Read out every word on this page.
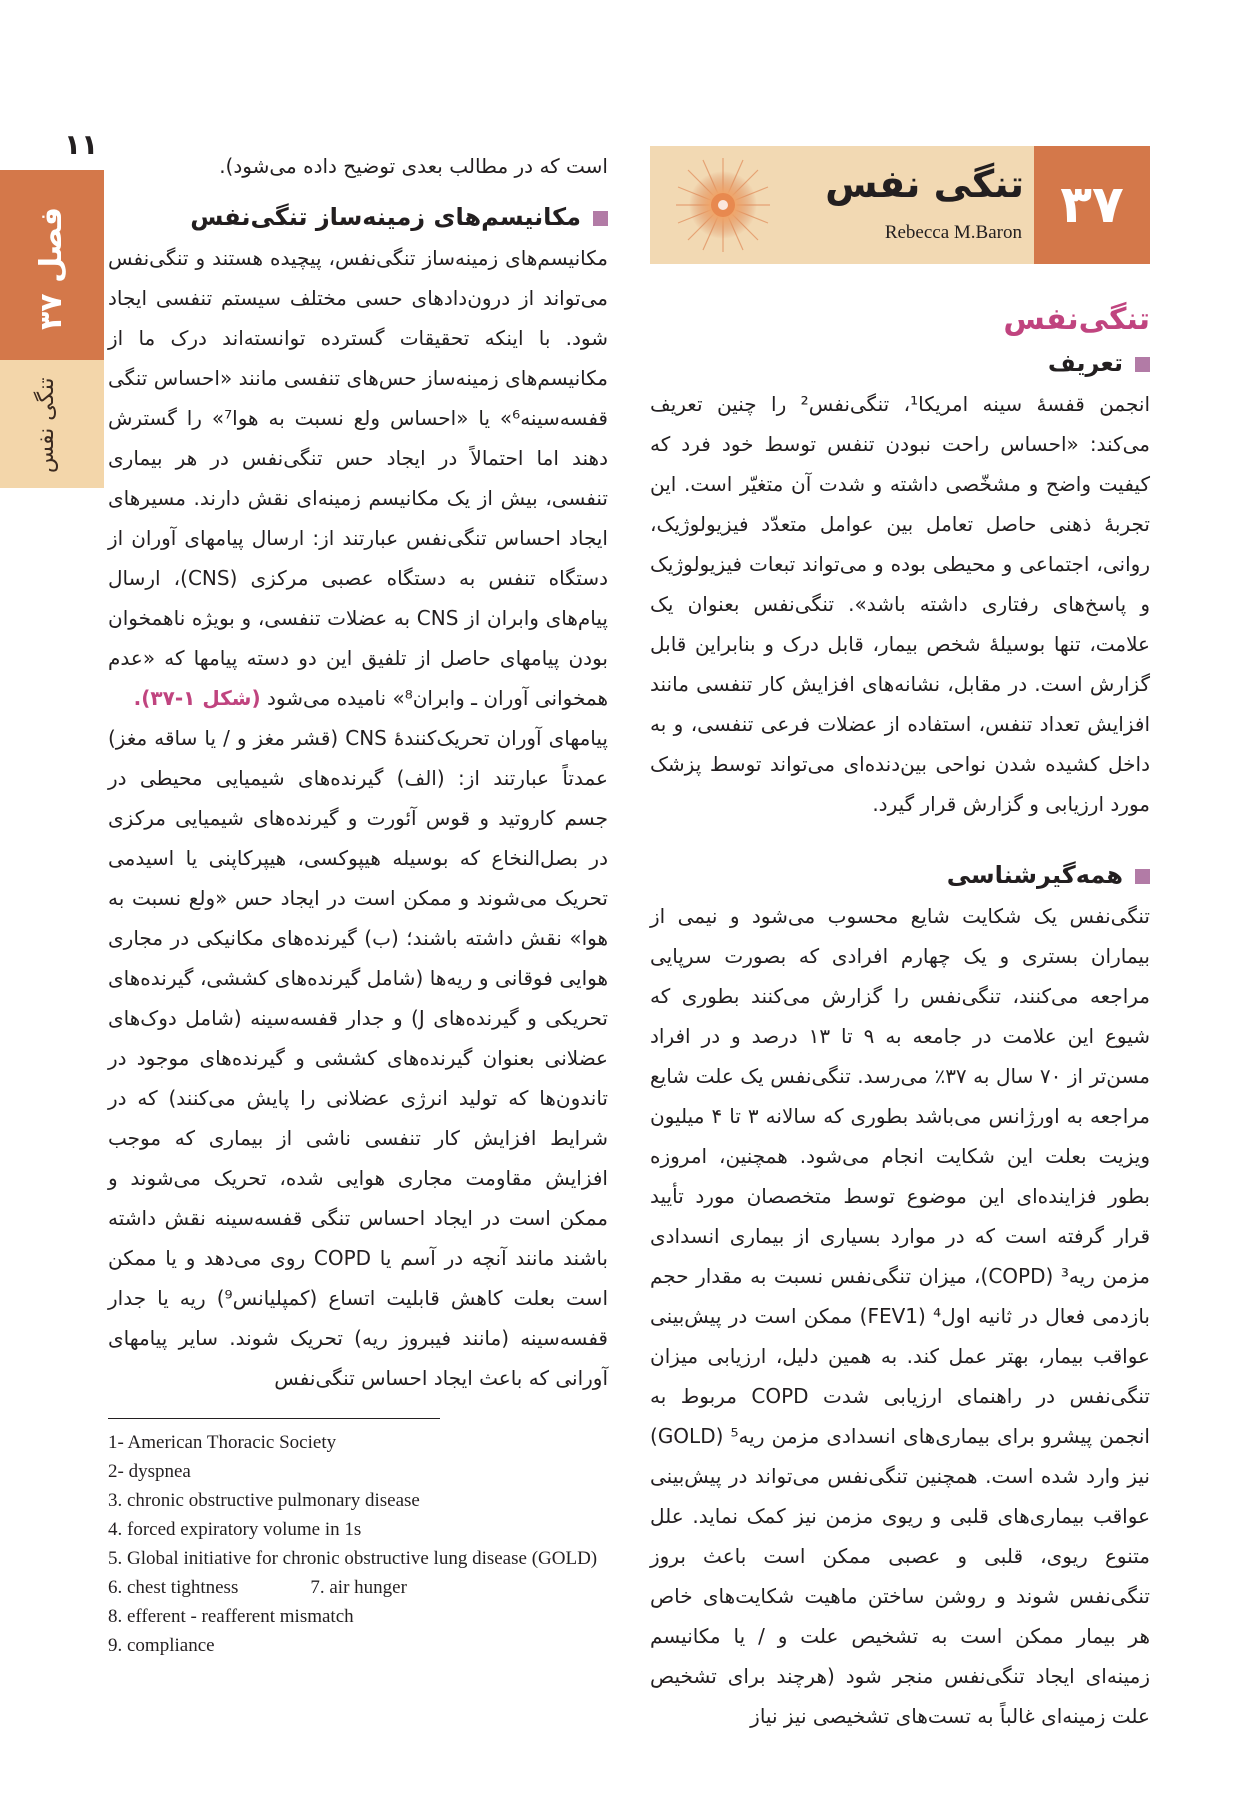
۱۱
فصل ۳۷
تنگی نفس
تنگی نفس
Rebecca M.Baron ۳۷
تنگی‌نفس
تعریف

انجمن قفسهٔ سینه امریکا¹، تنگی‌نفس² را چنین تعریف می‌کند: «احساس راحت نبودن تنفس توسط خود فرد که کیفیت واضح و مشخّصی داشته و شدت آن متغیّر است. این تجربهٔ ذهنی حاصل تعامل بین عوامل متعدّد فیزیولوژیک، روانی، اجتماعی و محیطی بوده و می‌تواند تبعات فیزیولوژیک و پاسخ‌های رفتاری داشته باشد». تنگی‌نفس بعنوان یک علامت، تنها بوسیلهٔ شخص بیمار، قابل درک و بنابراین قابل گزارش است. در مقابل، نشانه‌های افزایش کار تنفسی مانند افزایش تعداد تنفس، استفاده از عضلات فرعی تنفسی، و به داخل کشیده شدن نواحی بین‌دنده‌ای می‌تواند توسط پزشک مورد ارزیابی و گزارش قرار گیرد.

همه‌گیرشناسی

تنگی‌نفس یک شکایت شایع محسوب می‌شود و نیمی از بیماران بستری و یک چهارم افرادی که بصورت سرپایی مراجعه می‌کنند، تنگی‌نفس را گزارش می‌کنند بطوری که شیوع این علامت در جامعه به ۹ تا ۱۳ درصد و در افراد مسن‌تر از ۷۰ سال به ۳۷٪ می‌رسد. تنگی‌نفس یک علت شایع مراجعه به اورژانس می‌باشد بطوری که سالانه ۳ تا ۴ میلیون ویزیت بعلت این شکایت انجام می‌شود. همچنین، امروزه بطور فزاینده‌ای این موضوع توسط متخصصان مورد تأیید قرار گرفته است که در موارد بسیاری از بیماری انسدادی مزمن ریه³ (COPD)، میزان تنگی‌نفس نسبت به مقدار حجم بازدمی فعال در ثانیه اول⁴ (FEV1) ممکن است در پیش‌بینی عواقب بیمار، بهتر عمل کند. به همین دلیل، ارزیابی میزان تنگی‌نفس در راهنمای ارزیابی شدت COPD مربوط به انجمن پیشرو برای بیماری‌های انسدادی مزمن ریه⁵ (GOLD) نیز وارد شده است. همچنین تنگی‌نفس می‌تواند در پیش‌بینی عواقب بیماری‌های قلبی و ریوی مزمن نیز کمک نماید. علل متنوع ریوی، قلبی و عصبی ممکن است باعث بروز تنگی‌نفس شوند و روشن ساختن ماهیت شکایت‌های خاص هر بیمار ممکن است به تشخیص علت و / یا مکانیسم زمینه‌ای ایجاد تنگی‌نفس منجر شود (هرچند برای تشخیص علت زمینه‌ای غالباً به تست‌های تشخیصی نیز نیاز

است که در مطالب بعدی توضیح داده می‌شود).

مکانیسم‌های زمینه‌ساز تنگی‌نفس

مکانیسم‌های زمینه‌ساز تنگی‌نفس، پیچیده هستند و تنگی‌نفس می‌تواند از درون‌دادهای حسی مختلف سیستم تنفسی ایجاد شود. با اینکه تحقیقات گسترده توانسته‌اند درک ما از مکانیسم‌های زمینه‌ساز حس‌های تنفسی مانند «احساس تنگی قفسه‌سینه⁶» یا «احساس ولع نسبت به هوا⁷» را گسترش دهند اما احتمالاً در ایجاد حس تنگی‌نفس در هر بیماری تنفسی، بیش از یک مکانیسم زمینه‌ای نقش دارند. مسیرهای ایجاد احساس تنگی‌نفس عبارتند از: ارسال پیامهای آوران از دستگاه تنفس به دستگاه عصبی مرکزی (CNS)، ارسال پیام‌های وابران از CNS به عضلات تنفسی، و بویژه ناهمخوان بودن پیامهای حاصل از تلفیق این دو دسته پیامها که «عدم همخوانی آوران ـ وابران⁸» نامیده می‌شود (شکل ۱-۳۷).

پیامهای آوران تحریک‌کنندهٔ CNS (قشر مغز و / یا ساقه مغز) عمدتاً عبارتند از: (الف) گیرنده‌های شیمیایی محیطی در جسم کاروتید و قوس آئورت و گیرنده‌های شیمیایی مرکزی در بصل‌النخاع که بوسیله هیپوکسی، هیپرکاپنی یا اسیدمی تحریک می‌شوند و ممکن است در ایجاد حس «ولع نسبت به هوا» نقش داشته باشند؛ (ب) گیرنده‌های مکانیکی در مجاری هوایی فوقانی و ریه‌ها (شامل گیرنده‌های کششی، گیرنده‌های تحریکی و گیرنده‌های J) و جدار قفسه‌سینه (شامل دوک‌های عضلانی بعنوان گیرنده‌های کششی و گیرنده‌های موجود در تاندون‌ها که تولید انرژی عضلانی را پایش می‌کنند) که در شرایط افزایش کار تنفسی ناشی از بیماری که موجب افزایش مقاومت مجاری هوایی شده، تحریک می‌شوند و ممکن است در ایجاد احساس تنگی قفسه‌سینه نقش داشته باشند مانند آنچه در آسم یا COPD روی می‌دهد و یا ممکن است بعلت کاهش قابلیت اتساع (کمپلیانس⁹) ریه یا جدار قفسه‌سینه (مانند فیبروز ریه) تحریک شوند. سایر پیامهای آورانی که باعث ایجاد احساس تنگی‌نفس

1- American Thoracic Society

2- dyspnea

3. chronic obstructive pulmonary disease

4. forced expiratory volume in 1s

5. Global initiative for chronic obstructive lung disease (GOLD)

6. chest tightness	7. air hunger

8. efferent - reafferent mismatch

9. compliance
